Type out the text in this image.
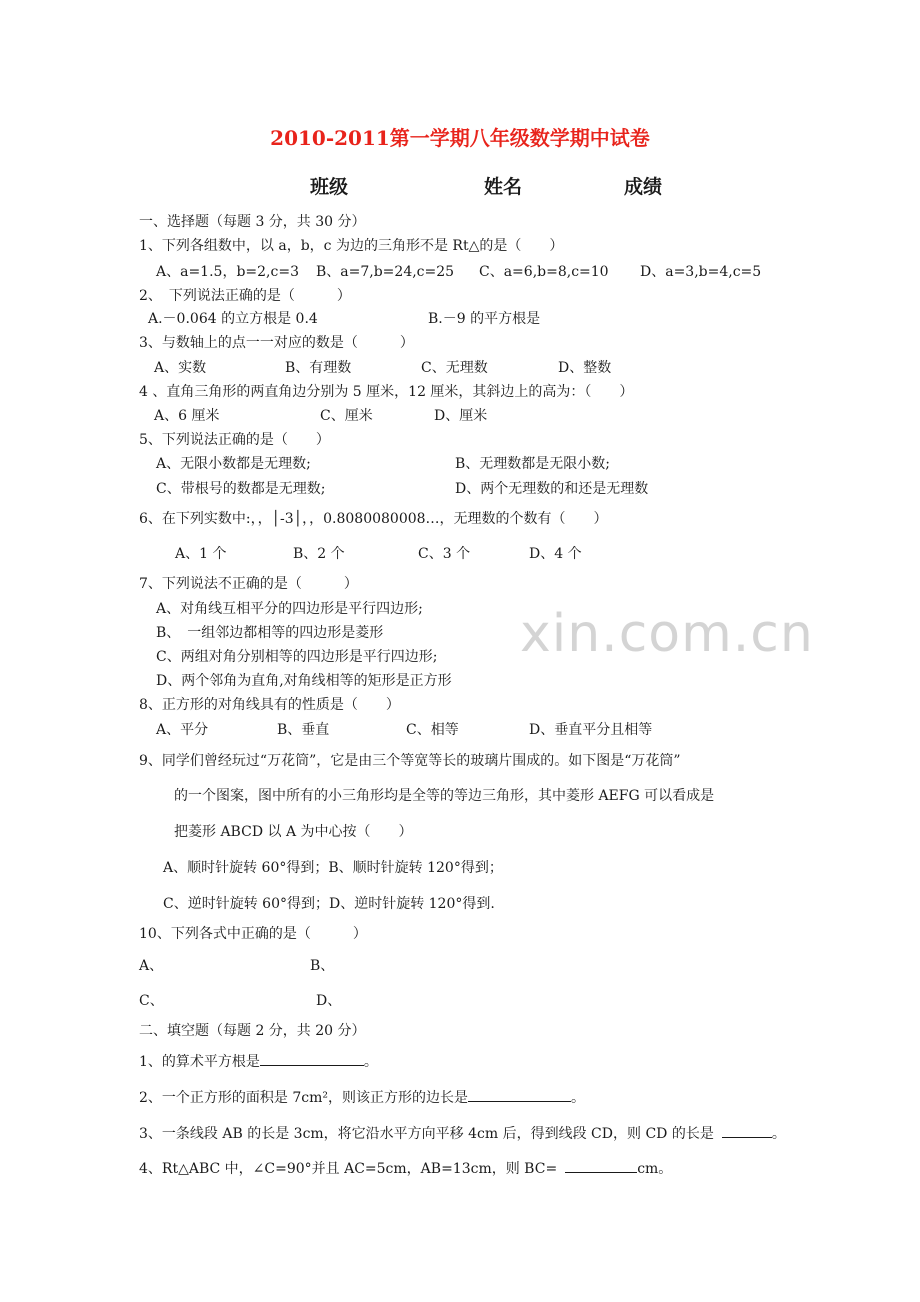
xin.com.cn
2010-2011第一学期八年级数学期中试卷
班级	姓名	成绩
一、选择题（每题 3 分，共 30 分）
1、下列各组数中，以 a，b，c 为边的三角形不是 Rt△的是（　　）
A、a=1.5，b=2,c=3 B、a=7,b=24,c=25 C、a=6,b=8,c=10 D、a=3,b=4,c=5
2、　下列说法正确的是（　　　）
A.－0.064 的立方根是 0.4	B.－9 的平方根是
3、与数轴上的点一一对应的数是（　　　）
A、实数	B、有理数	C、无理数	D、整数
4 、直角三角形的两直角边分别为 5 厘米，12 厘米，其斜边上的高为：（　　）
A、6 厘米	C、厘米	D、厘米
5、下列说法正确的是（　　）
A、无限小数都是无理数;	B、无理数都是无限小数;
C、带根号的数都是无理数;	D、两个无理数的和还是无理数
6、在下列实数中:，，│-3│，，0.8080080008…，无理数的个数有（　　）
A、1 个	B、2 个	C、3 个	D、4 个
7、下列说法不正确的是（　　　）
A、对角线互相平分的四边形是平行四边形;
B、　一组邻边都相等的四边形是菱形
C、两组对角分别相等的四边形是平行四边形;
D、两个邻角为直角,对角线相等的矩形是正方形
8、正方形的对角线具有的性质是（　　）
A、平分	B、垂直	C、相等	D、垂直平分且相等
9、同学们曾经玩过“万花筒”，它是由三个等宽等长的玻璃片围成的。如下图是“万花筒”
的一个图案，图中所有的小三角形均是全等的等边三角形，其中菱形 AEFG 可以看成是
把菱形 ABCD 以 A 为中心按（　　）
A、顺时针旋转 60°得到；B、顺时针旋转 120°得到；
C、逆时针旋转 60°得到；D、逆时针旋转 120°得到.
10、下列各式中正确的是（　　　）
A、	B、
C、	D、
二、填空题（每题 2 分，共 20 分）
1、的算术平方根是	。
2、一个正方形的面积是 7cm²，则该正方形的边长是	。
3、一条线段 AB 的长是 3cm，将它沿水平方向平移 4cm 后，得到线段 CD，则 CD 的长是	。
4、Rt△ABC 中，∠C=90°并且 AC=5cm，AB=13cm，则 BC=	cm。
